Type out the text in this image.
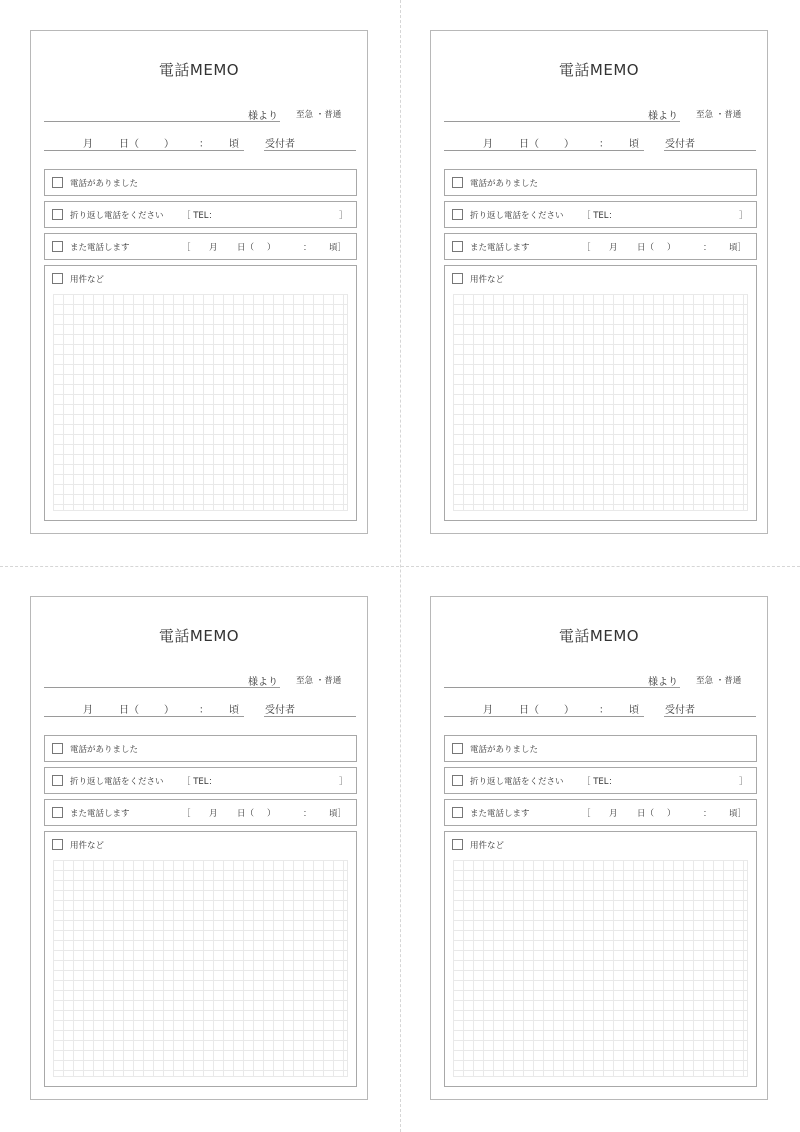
電話MEMO
様より 至急 ・普通
月	日（	）	： 頃	受付者
電話がありました
折り返し電話をください ［ TEL：	］
また電話します	［ 月 日（ ）	： 頃］
用件など
電話MEMO
様より 至急 ・普通
月	日（	）	： 頃	受付者
電話がありました
折り返し電話をください ［ TEL：	］
また電話します	［ 月 日（ ）	： 頃］
用件など
電話MEMO
様より 至急 ・普通
月	日（	）	： 頃	受付者
電話がありました
折り返し電話をください ［ TEL：	］
また電話します	［ 月 日（ ）	： 頃］
用件など
電話MEMO
様より 至急 ・普通
月	日（	）	： 頃	受付者
電話がありました
折り返し電話をください ［ TEL：	］
また電話します	［ 月 日（ ）	： 頃］
用件など
